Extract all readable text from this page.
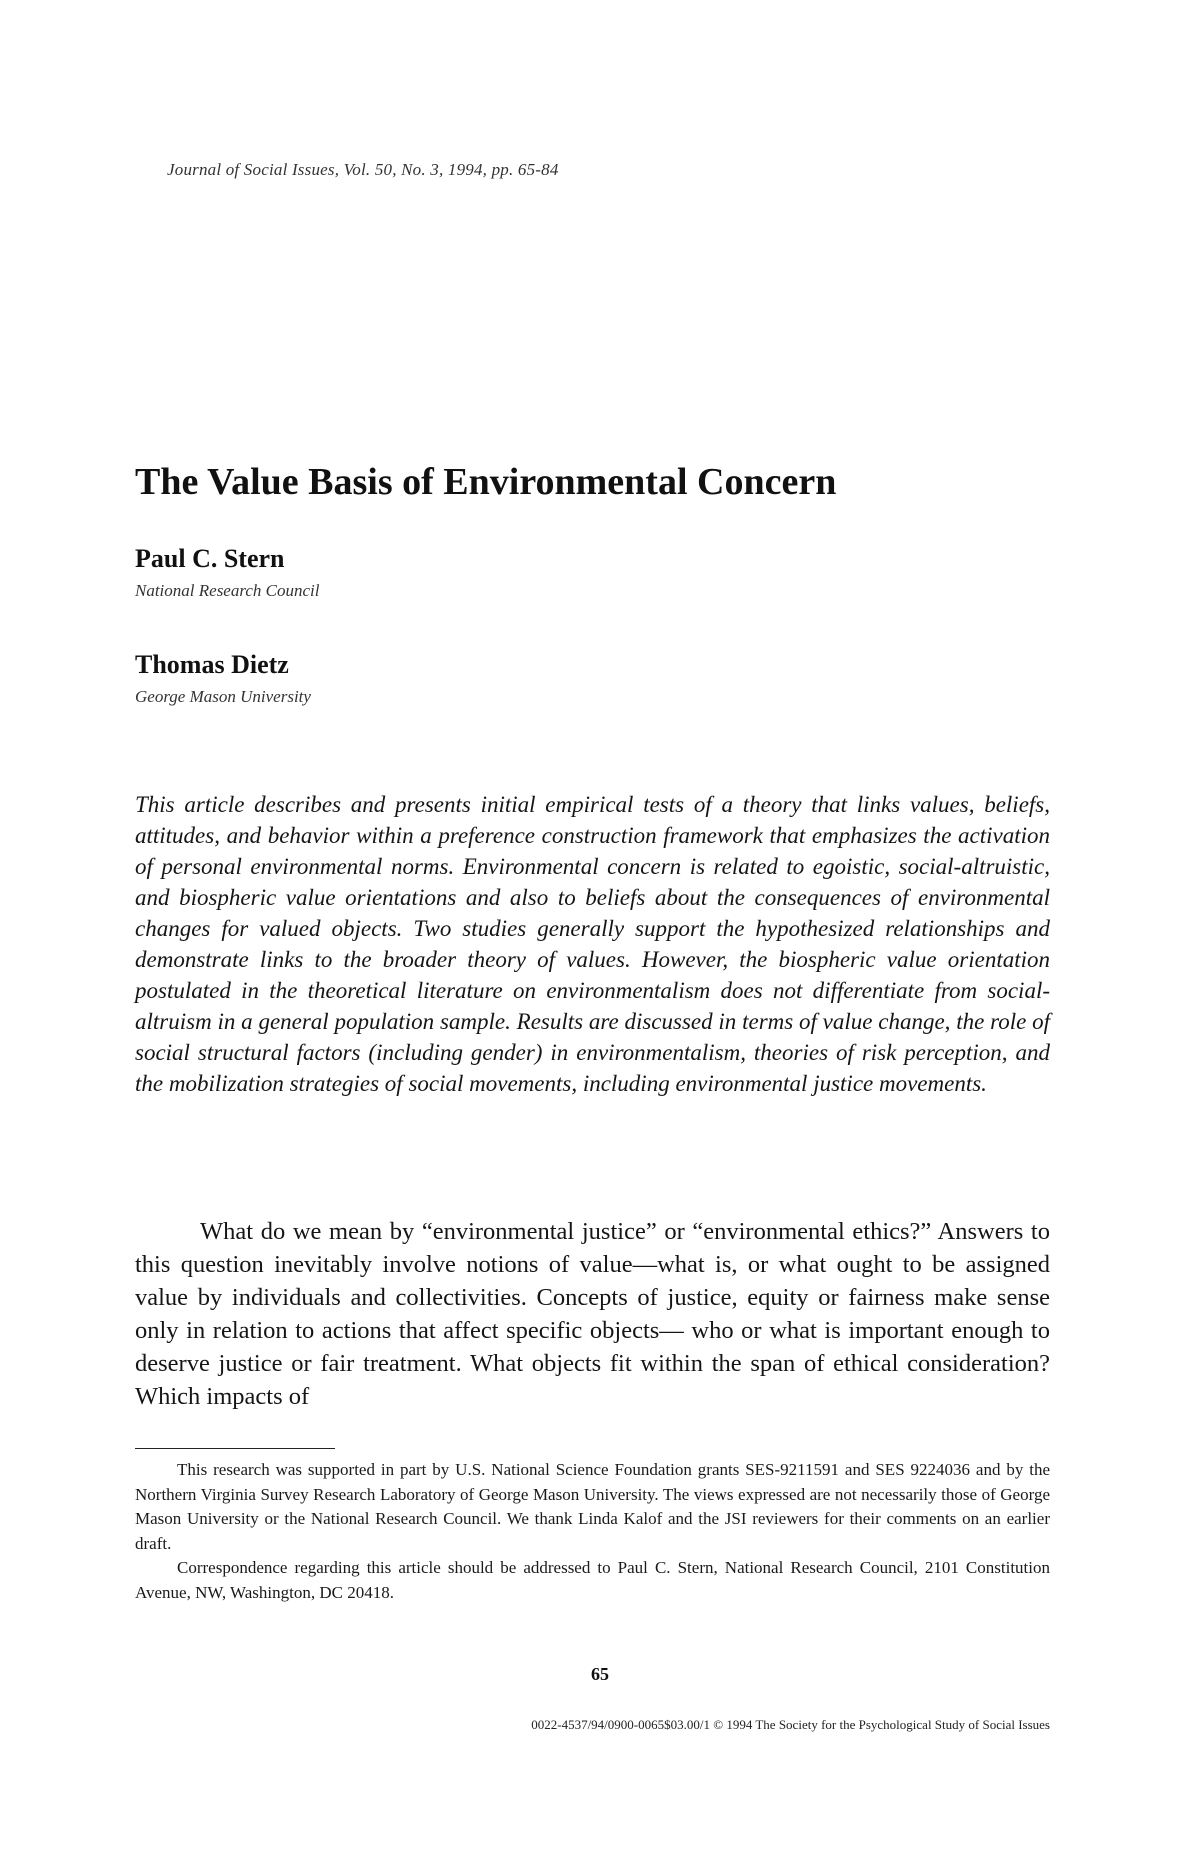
Journal of Social Issues, Vol. 50, No. 3, 1994, pp. 65-84
The Value Basis of Environmental Concern
Paul C. Stern
National Research Council
Thomas Dietz
George Mason University

This article describes and presents initial empirical tests of a theory that links values, beliefs, attitudes, and behavior within a preference construction framework that emphasizes the activation of personal environmental norms. Environmental concern is related to egoistic, social-altruistic, and biospheric value orientations and also to beliefs about the consequences of environmental changes for valued objects. Two studies generally support the hypothesized relationships and demonstrate links to the broader theory of values. However, the biospheric value orientation postulated in the theoretical literature on environmentalism does not differentiate from social-altruism in a general population sample. Results are discussed in terms of value change, the role of social structural factors (including gender) in environmentalism, theories of risk perception, and the mobilization strategies of social movements, including environmental justice movements.

What do we mean by “environmental justice” or “environmental ethics?” Answers to this question inevitably involve notions of value—what is, or what ought to be assigned value by individuals and collectivities. Concepts of justice, equity or fairness make sense only in relation to actions that affect specific objects— who or what is important enough to deserve justice or fair treatment. What objects fit within the span of ethical consideration? Which impacts of

This research was supported in part by U.S. National Science Foundation grants SES-9211591 and SES 9224036 and by the Northern Virginia Survey Research Laboratory of George Mason University. The views expressed are not necessarily those of George Mason University or the National Research Council. We thank Linda Kalof and the JSI reviewers for their comments on an earlier draft.

Correspondence regarding this article should be addressed to Paul C. Stern, National Research Council, 2101 Constitution Avenue, NW, Washington, DC 20418.

65
0022-4537/94/0900-0065$03.00/1 © 1994 The Society for the Psychological Study of Social Issues
